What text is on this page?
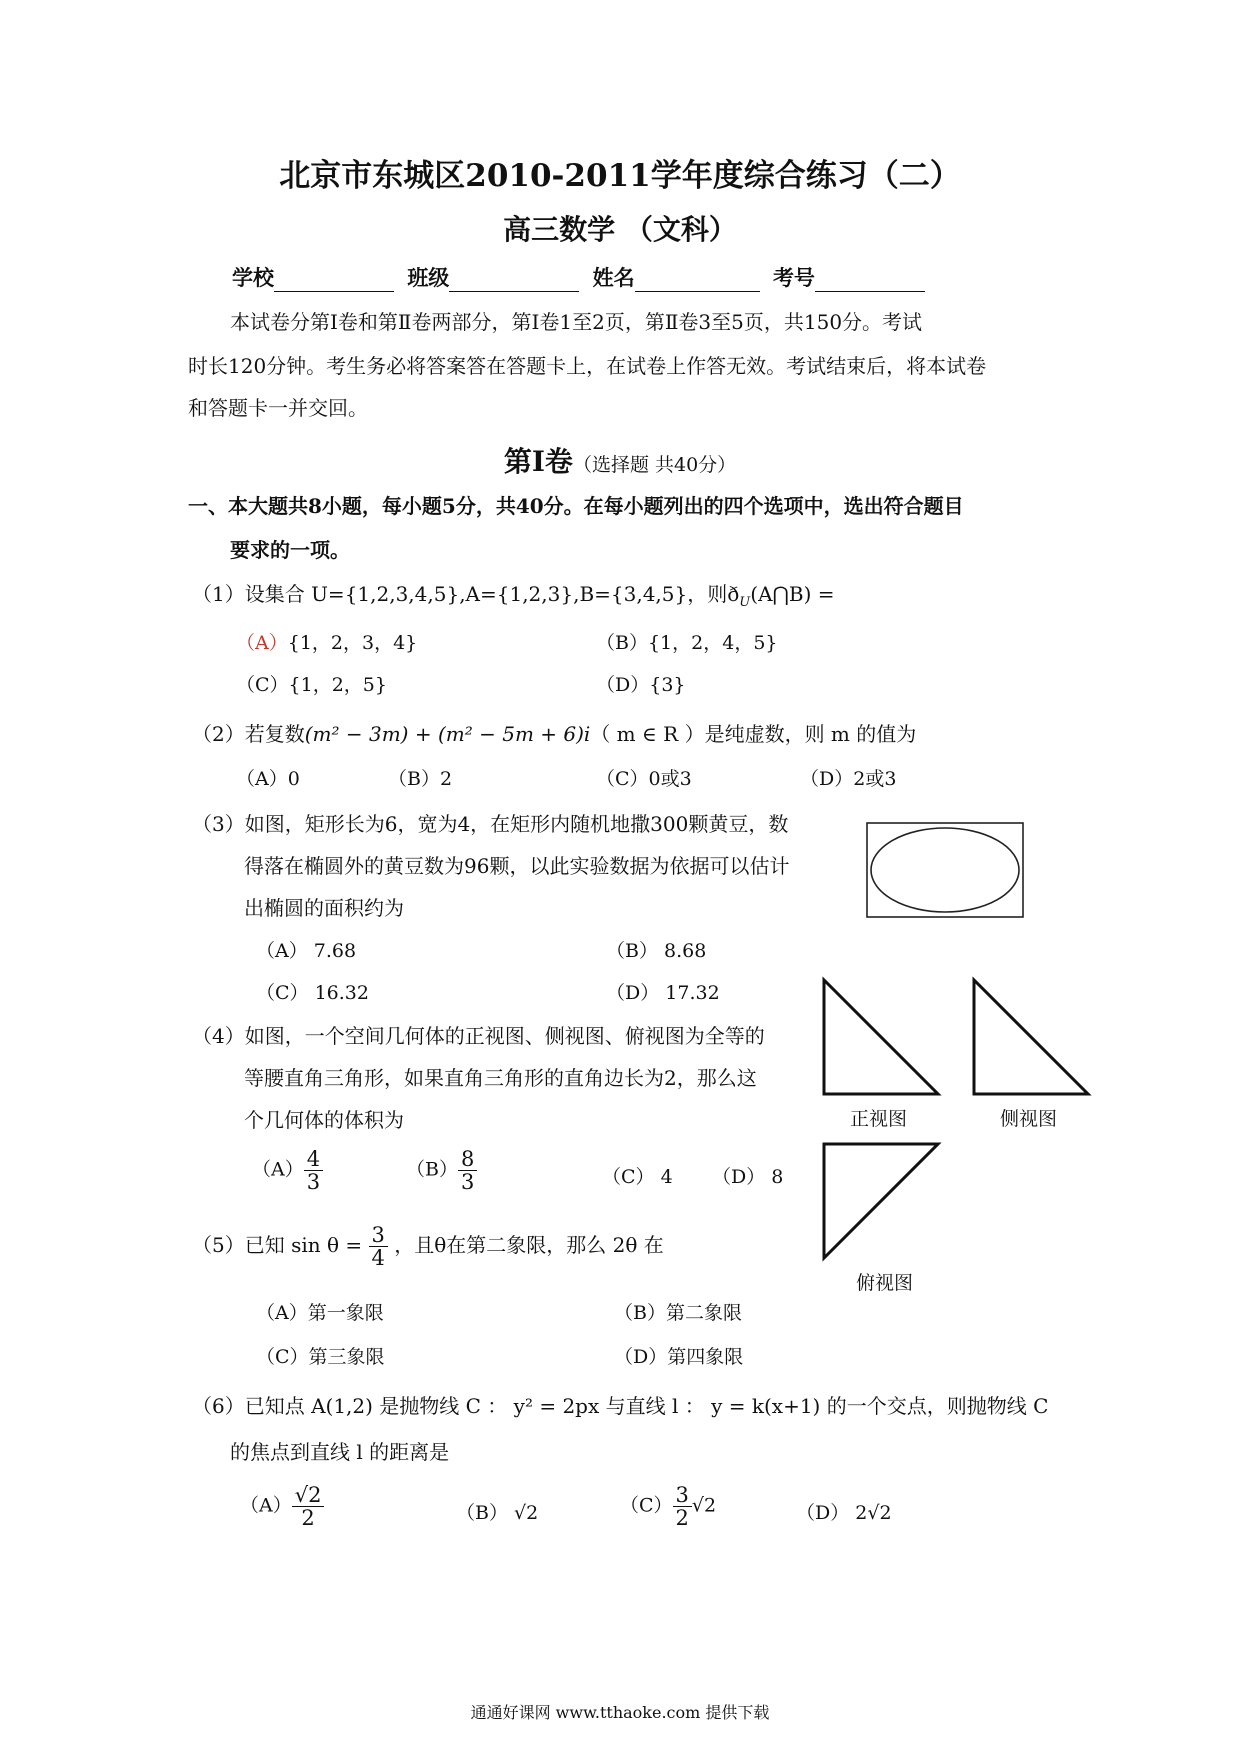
北京市东城区2010-2011学年度综合练习（二）
高三数学 （文科）
学校	班级	姓名	考号
本试卷分第Ⅰ卷和第Ⅱ卷两部分，第Ⅰ卷1至2页，第Ⅱ卷3至5页，共150分。考试
时长120分钟。考生务必将答案答在答题卡上，在试卷上作答无效。考试结束后，将本试卷
和答题卡一并交回。
第Ⅰ卷（选择题 共40分）
一、本大题共8小题，每小题5分，共40分。在每小题列出的四个选项中，选出符合题目
要求的一项。
（1）设集合 U={1,2,3,4,5},A={1,2,3},B={3,4,5}，则$ð_U(A⋂B)$ =
（A）{1，2，3，4}	（B）{1，2，4，5}
（C）{1，2，5}	（D）{3}
（2）若复数(m² − 3m) + (m² − 5m + 6)i（ m ∈ R ）是纯虚数，则 m 的值为
（A）0	（B）2	（C）0或3	（D）2或3
（3）如图，矩形长为6，宽为4，在矩形内随机地撒300颗黄豆，数
得落在椭圆外的黄豆数为96颗，以此实验数据为依据可以估计
出椭圆的面积约为
（A） 7.68	（B） 8.68
（C） 16.32	（D） 17.32
（4）如图，一个空间几何体的正视图、侧视图、俯视图为全等的
等腰直角三角形，如果直角三角形的直角边长为2，那么这
个几何体的体积为
$(A) \frac{4}{3}$	$(B) \frac{8}{3}$	（C） 4 （D） 8
正视图	侧视图
俯视图
（5）已知 $\sin \theta = \frac{3}{4}$ ，且θ在第二象限，那么 2θ 在
（A）第一象限	（B）第二象限
（C）第三象限	（D）第四象限
（6）已知点 A(1,2) 是抛物线 C ： y² = 2px 与直线 l ： y = k(x+1) 的一个交点，则抛物线 C
的焦点到直线 l 的距离是
$(A) \frac{√2}{2}$	（B） √2	$(C) \frac{3}{2} √2$	（D） 2√2
通通好课网 www.tthaoke.com 提供下载
